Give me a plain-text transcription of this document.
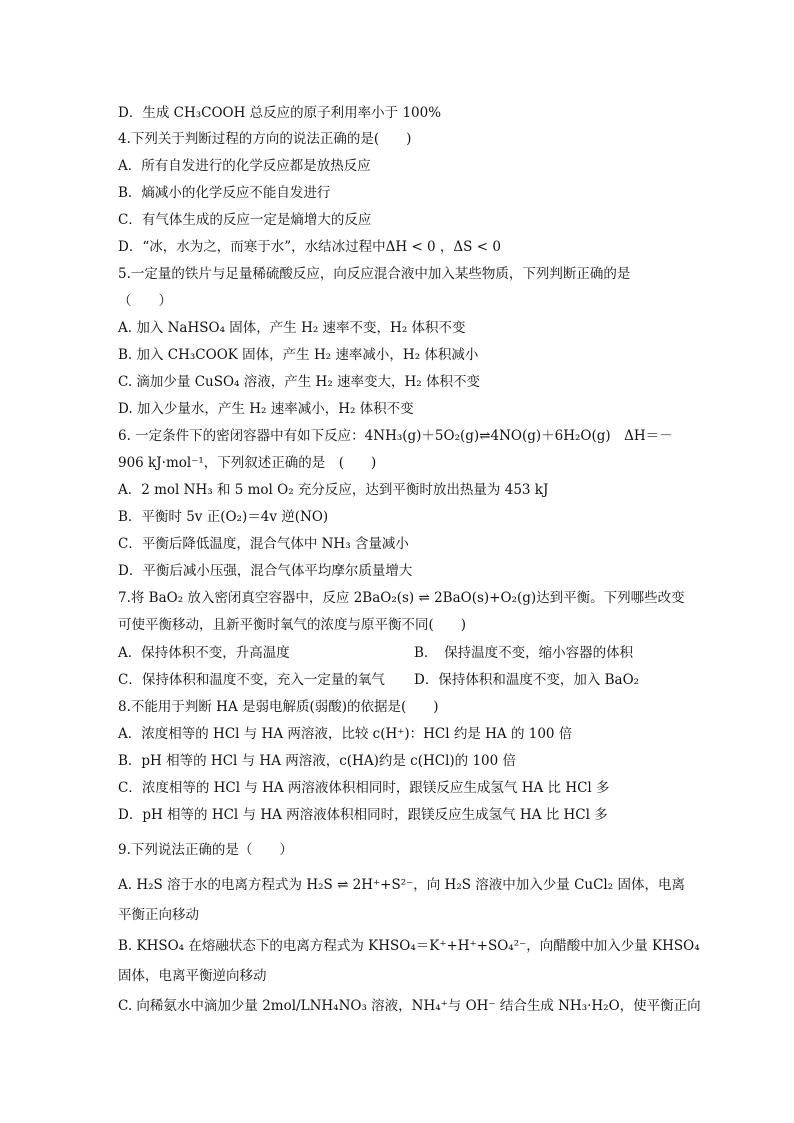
D．生成 CH₃COOH 总反应的原子利用率小于 100%
4.下列关于判断过程的方向的说法正确的是(　　)
A．所有自发进行的化学反应都是放热反应
B．熵减小的化学反应不能自发进行
C．有气体生成的反应一定是熵增大的反应
D．“冰，水为之，而寒于水”，水结冰过程中ΔH < 0 ，ΔS < 0
5.一定量的铁片与足量稀硫酸反应，向反应混合液中加入某些物质，下列判断正确的是
（　　）
A. 加入 NaHSO₄ 固体，产生 H₂ 速率不变，H₂ 体积不变
B. 加入 CH₃COOK 固体，产生 H₂ 速率减小，H₂ 体积减小
C. 滴加少量 CuSO₄ 溶液，产生 H₂ 速率变大，H₂ 体积不变
D. 加入少量水，产生 H₂ 速率减小，H₂ 体积不变
6. 一定条件下的密闭容器中有如下反应：4NH₃(g)＋5O₂(g)⇌4NO(g)＋6H₂O(g)　ΔH＝－
906 kJ·mol⁻¹，下列叙述正确的是　(　　)
A．2 mol NH₃ 和 5 mol O₂ 充分反应，达到平衡时放出热量为 453 kJ
B．平衡时 5v 正(O₂)＝4v 逆(NO)
C．平衡后降低温度，混合气体中 NH₃ 含量减小
D．平衡后减小压强，混合气体平均摩尔质量增大
7.将 BaO₂ 放入密闭真空容器中，反应 2BaO₂(s) ⇌ 2BaO(s)+O₂(g)达到平衡。下列哪些改变
可使平衡移动，且新平衡时氧气的浓度与原平衡不同(　　)
A．保持体积不变，升高温度	B．　保持温度不变，缩小容器的体积
C．保持体积和温度不变，充入一定量的氧气 D．保持体积和温度不变，加入 BaO₂
8.不能用于判断 HA 是弱电解质(弱酸)的依据是(　　)
A．浓度相等的 HCl 与 HA 两溶液，比较 c(H⁺)：HCl 约是 HA 的 100 倍
B．pH 相等的 HCl 与 HA 两溶液，c(HA)约是 c(HCl)的 100 倍
C．浓度相等的 HCl 与 HA 两溶液体积相同时，跟镁反应生成氢气 HA 比 HCl 多
D．pH 相等的 HCl 与 HA 两溶液体积相同时，跟镁反应生成氢气 HA 比 HCl 多
9.下列说法正确的是（　　）
A. H₂S 溶于水的电离方程式为 H₂S ⇌ 2H⁺+S²⁻，向 H₂S 溶液中加入少量 CuCl₂ 固体，电离
平衡正向移动
B. KHSO₄ 在熔融状态下的电离方程式为 KHSO₄＝K⁺+H⁺+SO₄²⁻，向醋酸中加入少量 KHSO₄
固体，电离平衡逆向移动
C. 向稀氨水中滴加少量 2mol/LNH₄NO₃ 溶液，NH₄⁺与 OH⁻ 结合生成 NH₃·H₂O，使平衡正向
